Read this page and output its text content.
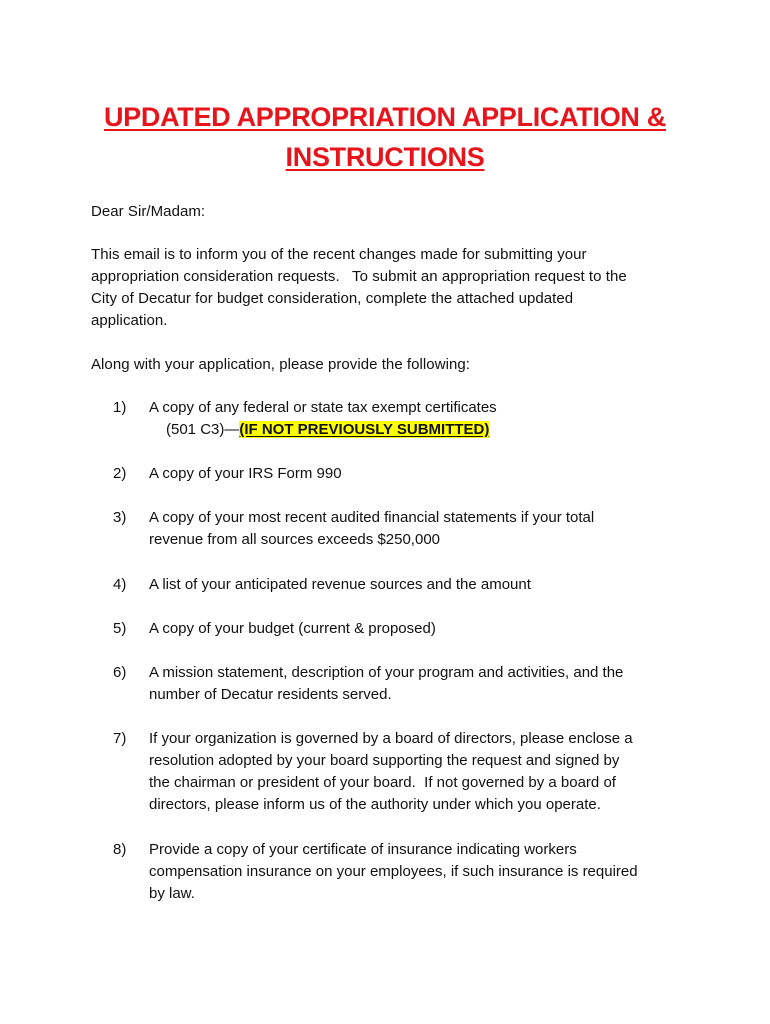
UPDATED APPROPRIATION APPLICATION &
INSTRUCTIONS

Dear Sir/Madam:

This email is to inform you of the recent changes made for submitting your
appropriation consideration requests.   To submit an appropriation request to the
City of Decatur for budget consideration, complete the attached updated
application.

Along with your application, please provide the following:

1) A copy of any federal or state tax exempt certificates
(501 C3)—(IF NOT PREVIOUSLY SUBMITTED)
2) A copy of your IRS Form 990
3) A copy of your most recent audited financial statements if your total
revenue from all sources exceeds $250,000
4) A list of your anticipated revenue sources and the amount
5) A copy of your budget (current & proposed)
6) A mission statement, description of your program and activities, and the
number of Decatur residents served.
7) If your organization is governed by a board of directors, please enclose a
resolution adopted by your board supporting the request and signed by
the chairman or president of your board.  If not governed by a board of
directors, please inform us of the authority under which you operate.
8) Provide a copy of your certificate of insurance indicating workers
compensation insurance on your employees, if such insurance is required
by law.
